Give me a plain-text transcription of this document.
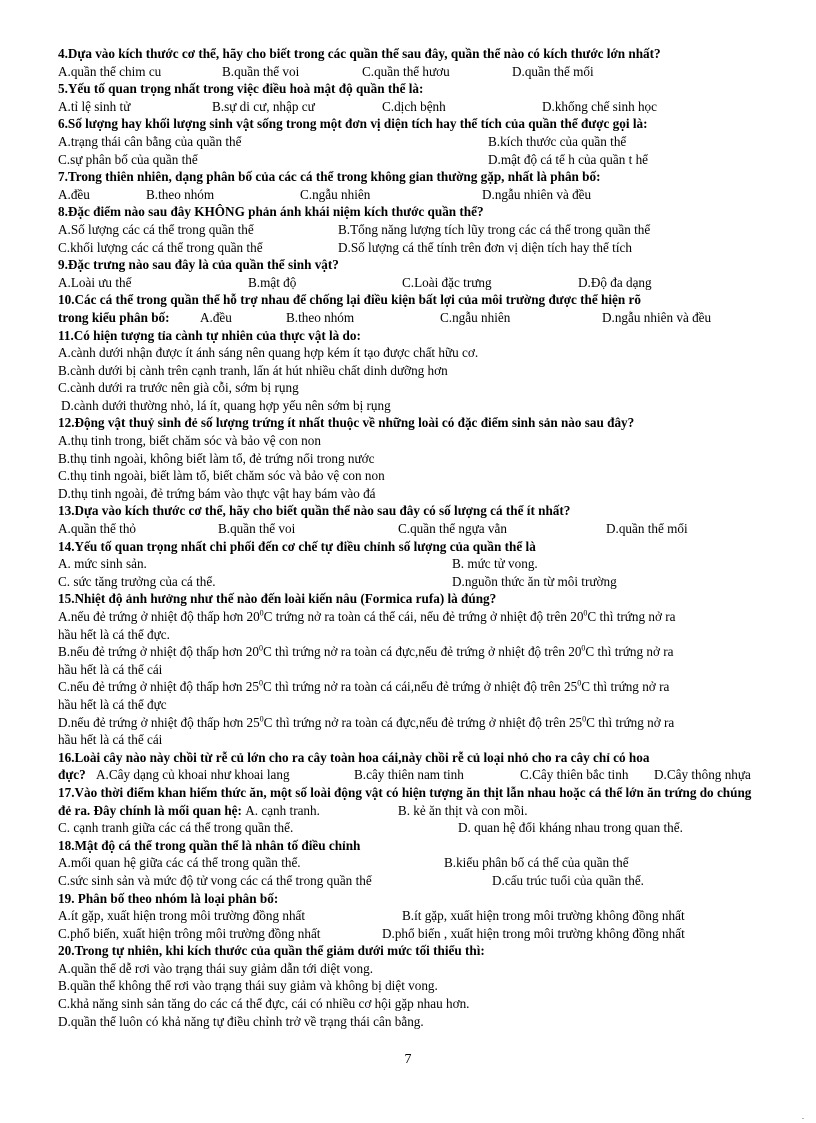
4.Dựa vào kích thước cơ thể, hãy cho biết trong các quần thể sau đây, quần thể nào có kích thước lớn nhất?
A.quần thể chim cu	B.quần thể voi	C.quần thể hươu	D.quần thể mối
5.Yếu tố quan trọng nhất trong việc điều hoà mật độ quần thể là:
A.tỉ lệ sinh tử	B.sự di cư, nhập cư	C.dịch bệnh	D.khống chế sinh học
6.Số lượng hay khối lượng sinh vật sống trong một đơn vị diện tích hay thể tích của quần thể được gọi là:
A.trạng thái cân bằng của quần thể	B.kích thước của quần thể
C.sự phân bố của quần thể	D.mật độ cá tể h của quần t hể
7.Trong thiên nhiên, dạng phân bố của các cá thể trong không gian thường gặp, nhất là phân bố:
A.đều	B.theo nhóm	C.ngẫu nhiên	D.ngẫu nhiên và đều
8.Đặc điểm nào sau đây KHÔNG phản ánh khái niệm kích thước quần thể?
A.Số lượng các cá thể trong quần thể	B.Tổng năng lượng tích lũy trong các cá thể trong quần thể
C.khối lượng các cá thể trong quần thể	D.Số lượng cá thể tính trên đơn vị diện tích hay thể tích
9.Đặc trưng nào sau đây là của quần thể sinh vật?
A.Loài ưu thế	B.mật độ	C.Loài đặc trưng	D.Độ đa dạng
10.Các cá thể trong quần thể hỗ trợ nhau để chống lại điều kiện bất lợi của môi trường được thể hiện rõ
trong kiểu phân bố: A.đều	B.theo nhóm	C.ngẫu nhiên	D.ngẫu nhiên và đều
11.Có hiện tượng tỉa cành tự nhiên của thực vật là do:
A.cành dưới nhận được ít ánh sáng nên quang hợp kém ít tạo được chất hữu cơ.
B.cành dưới bị cành trên cạnh tranh, lấn át hút nhiều chất dinh dưỡng hơn
C.cành dưới ra trước nên già cỗi, sớm bị rụng
D.cành dưới thường nhỏ, lá ít, quang hợp yếu nên sớm bị rụng
12.Động vật thuỷ sinh đẻ số lượng trứng ít nhất thuộc về những loài có đặc điểm sinh sản nào sau đây?
A.thụ tinh trong, biết chăm sóc và bảo vệ con non
B.thụ tinh ngoài, không biết làm tổ, đẻ trứng nổi trong nước
C.thụ tinh ngoài, biết làm tổ, biết chăm sóc và bảo vệ con non
D.thụ tinh ngoài, đẻ trứng bám vào thực vật hay bám vào đá
13.Dựa vào kích thước cơ thể, hãy cho biết quần thể nào sau đây có số lượng cá thể ít nhất?
A.quần thể thỏ	B.quần thể voi	C.quần thể ngựa vằn	D.quần thể mối
14.Yếu tố quan trọng nhất chi phối đến cơ chế tự điều chỉnh số lượng của quần thể là
A. mức sinh sản.	B. mức tử vong.
C. sức tăng trưởng của cá thể.	D.nguồn thức ăn từ môi trường
15.Nhiệt độ ảnh hưởng như thế nào đến loài kiến nâu (Formica rufa) là đúng?
A.nếu đẻ trứng ở nhiệt độ thấp hơn $20^0C$ trứng nở ra toàn cá thể cái, nếu đẻ trứng ở nhiệt độ trên $20^0C$ thì trứng nở ra
hầu hết là cá thể đực.
B.nếu đẻ trứng ở nhiệt độ thấp hơn $20^0C$ thì trứng nở ra toàn cá đực,nếu đẻ trứng ở nhiệt độ trên $20^0C$ thì trứng nở ra
hầu hết là cá thể cái
C.nếu đẻ trứng ở nhiệt độ thấp hơn $25^0C$ thì trứng nở ra toàn cá cái,nếu đẻ trứng ở nhiệt độ trên $25^0C$ thì trứng nở ra
hầu hết là cá thể đực
D.nếu đẻ trứng ở nhiệt độ thấp hơn $25^0C$ thì trứng nở ra toàn cá đực,nếu đẻ trứng ở nhiệt độ trên $25^0C$ thì trứng nở ra
hầu hết là cá thể cái
16.Loài cây nào này chồi từ rễ củ lớn cho ra cây toàn hoa cái,này chồi rễ củ loại nhỏ cho ra cây chỉ có hoa
đực? A.Cây dạng củ khoai như khoai lang	B.cây thiên nam tinh	C.Cây thiên bắc tinh D.Cây thông nhựa
17.Vào thời điểm khan hiếm thức ăn, một số loài động vật có hiện tượng ăn thịt lẫn nhau hoặc cá thể lớn ăn trứng do chúng đẻ ra. Đây chính là mối quan hệ: A. cạnh tranh.	B. kẻ ăn thịt và con mồi.
C. cạnh tranh giữa các cá thể trong quần thể.	D. quan hệ đối kháng nhau trong quan thể.
18.Mật độ cá thể trong quần thể là nhân tố điều chỉnh
A.mối quan hệ giữa các cá thể trong quần thể.	B.kiểu phân bố cá thể của quần thể
C.sức sinh sản và mức độ tử vong các cá thể trong quần thể	D.cấu trúc tuổi của quần thể.
19. Phân bố theo nhóm là loại phân bố:
A.ít gặp, xuất hiện trong môi trường đồng nhất	B.ít gặp, xuất hiện trong môi trường không đồng nhất
C.phổ biến, xuất hiện trông môi trường đồng nhất	D.phổ biến , xuất hiện trong môi trường không đồng nhất
20.Trong tự nhiên, khi kích thước của quần thể giảm dưới mức tối thiểu thì:
A.quần thể dễ rơi vào trạng thái suy giảm dẫn tới diệt vong.
B.quần thể không thể rơi vào trạng thái suy giảm và không bị diệt vong.
C.khả năng sinh sản tăng do các cá thể đực, cái có nhiều cơ hội gặp nhau hơn.
D.quần thể luôn có khả năng tự điều chỉnh trở về trạng thái cân bằng.
7
.
